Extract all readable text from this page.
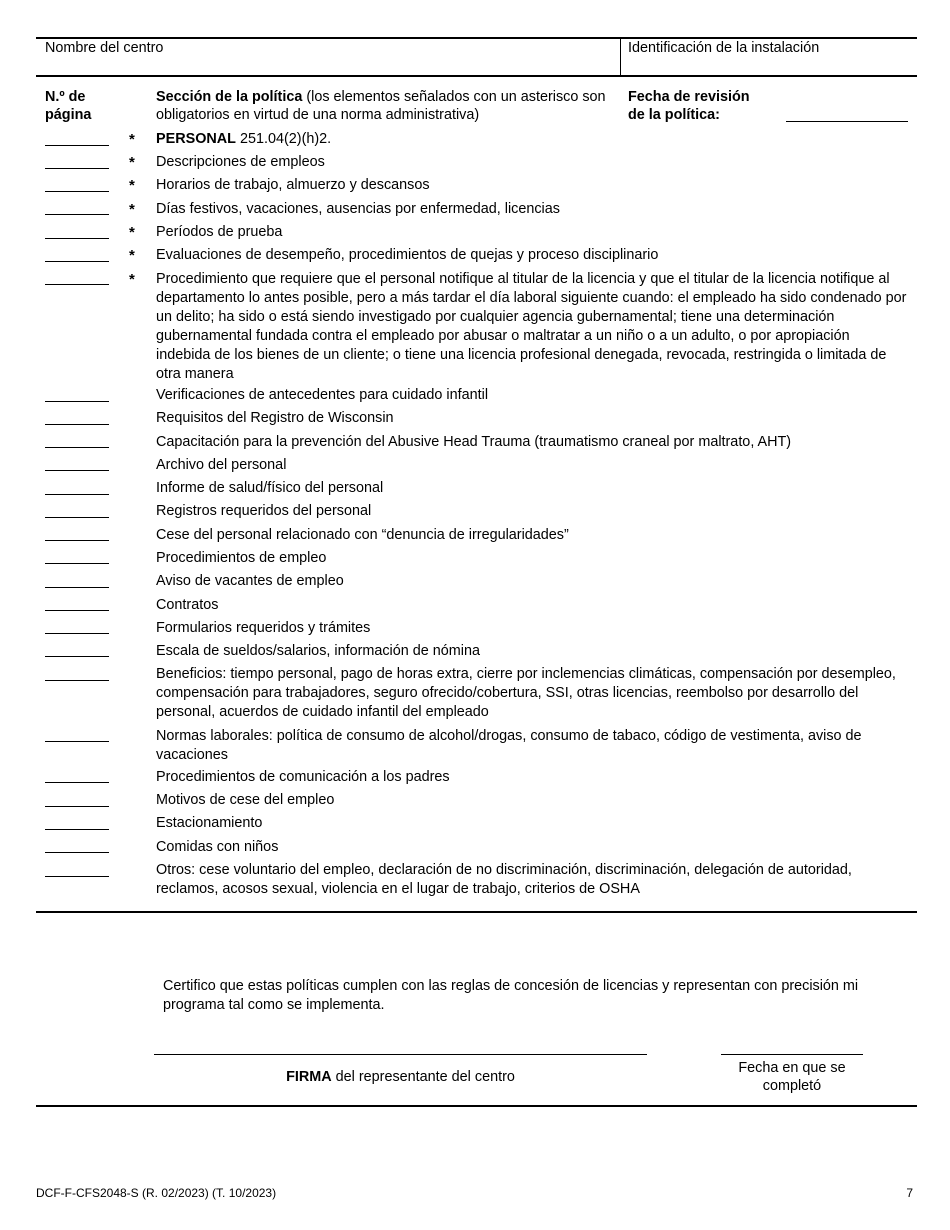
Nombre del centro	Identificación de la instalación
N.º de página
Sección de la política (los elementos señalados con un asterisco son obligatorios en virtud de una norma administrativa)
Fecha de revisión de la política:
* PERSONAL 251.04(2)(h)2.
* Descripciones de empleos
* Horarios de trabajo, almuerzo y descansos
* Días festivos, vacaciones, ausencias por enfermedad, licencias
* Períodos de prueba
* Evaluaciones de desempeño, procedimientos de quejas y proceso disciplinario
* Procedimiento que requiere que el personal notifique al titular de la licencia y que el titular de la licencia notifique al departamento lo antes posible, pero a más tardar el día laboral siguiente cuando: el empleado ha sido condenado por un delito; ha sido o está siendo investigado por cualquier agencia gubernamental; tiene una determinación gubernamental fundada contra el empleado por abusar o maltratar a un niño o a un adulto, o por apropiación indebida de los bienes de un cliente; o tiene una licencia profesional denegada, revocada, restringida o limitada de otra manera
Verificaciones de antecedentes para cuidado infantil
Requisitos del Registro de Wisconsin
Capacitación para la prevención del Abusive Head Trauma (traumatismo craneal por maltrato, AHT)
Archivo del personal
Informe de salud/físico del personal
Registros requeridos del personal
Cese del personal relacionado con “denuncia de irregularidades”
Procedimientos de empleo
Aviso de vacantes de empleo
Contratos
Formularios requeridos y trámites
Escala de sueldos/salarios, información de nómina
Beneficios: tiempo personal, pago de horas extra, cierre por inclemencias climáticas, compensación por desempleo, compensación para trabajadores, seguro ofrecido/cobertura, SSI, otras licencias, reembolso por desarrollo del personal, acuerdos de cuidado infantil del empleado
Normas laborales: política de consumo de alcohol/drogas, consumo de tabaco, código de vestimenta, aviso de vacaciones
Procedimientos de comunicación a los padres
Motivos de cese del empleo
Estacionamiento
Comidas con niños
Otros: cese voluntario del empleo, declaración de no discriminación, discriminación, delegación de autoridad, reclamos, acosos sexual, violencia en el lugar de trabajo, criterios de OSHA
Certifico que estas políticas cumplen con las reglas de concesión de licencias y representan con precisión mi programa tal como se implementa.
FIRMA del representante del centro
Fecha en que se completó
DCF-F-CFS2048-S (R. 02/2023) (T. 10/2023)	7
